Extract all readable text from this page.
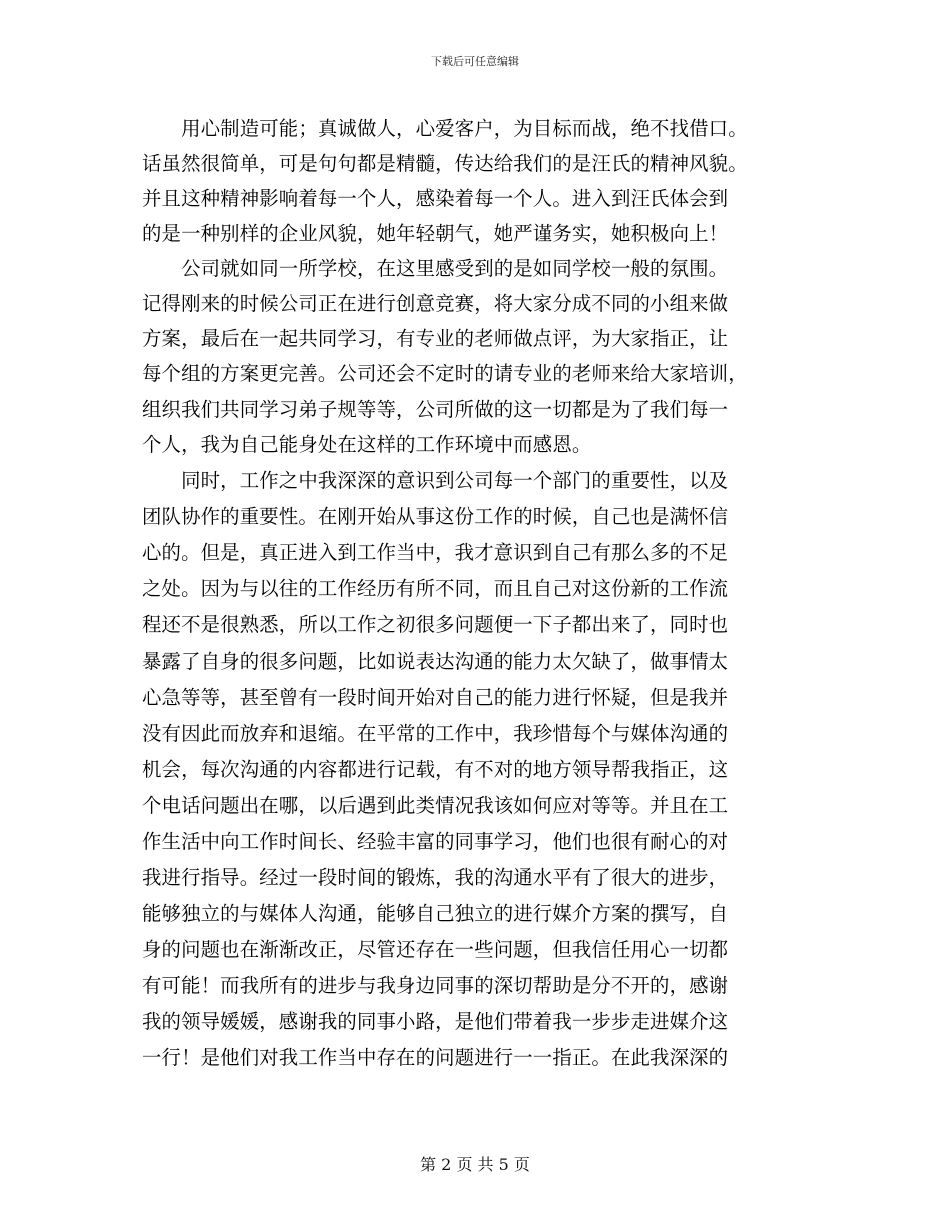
下载后可任意编辑
　　用心制造可能；真诚做人，心爱客户，为目标而战，绝不找借口。
话虽然很简单，可是句句都是精髓，传达给我们的是汪氏的精神风貌。
并且这种精神影响着每一个人，感染着每一个人。进入到汪氏体会到
的是一种别样的企业风貌，她年轻朝气，她严谨务实，她积极向上！
　　公司就如同一所学校，在这里感受到的是如同学校一般的氛围。
记得刚来的时候公司正在进行创意竞赛，将大家分成不同的小组来做
方案，最后在一起共同学习，有专业的老师做点评，为大家指正，让
每个组的方案更完善。公司还会不定时的请专业的老师来给大家培训，
组织我们共同学习弟子规等等，公司所做的这一切都是为了我们每一
个人，我为自己能身处在这样的工作环境中而感恩。
　　同时，工作之中我深深的意识到公司每一个部门的重要性，以及
团队协作的重要性。在刚开始从事这份工作的时候，自己也是满怀信
心的。但是，真正进入到工作当中，我才意识到自己有那么多的不足
之处。因为与以往的工作经历有所不同，而且自己对这份新的工作流
程还不是很熟悉，所以工作之初很多问题便一下子都出来了，同时也
暴露了自身的很多问题，比如说表达沟通的能力太欠缺了，做事情太
心急等等，甚至曾有一段时间开始对自己的能力进行怀疑，但是我并
没有因此而放弃和退缩。在平常的工作中，我珍惜每个与媒体沟通的
机会，每次沟通的内容都进行记载，有不对的地方领导帮我指正，这
个电话问题出在哪，以后遇到此类情况我该如何应对等等。并且在工
作生活中向工作时间长、经验丰富的同事学习，他们也很有耐心的对
我进行指导。经过一段时间的锻炼，我的沟通水平有了很大的进步，
能够独立的与媒体人沟通，能够自己独立的进行媒介方案的撰写，自
身的问题也在渐渐改正，尽管还存在一些问题，但我信任用心一切都
有可能！而我所有的进步与我身边同事的深切帮助是分不开的，感谢
我的领导媛媛，感谢我的同事小路，是他们带着我一步步走进媒介这
一行！是他们对我工作当中存在的问题进行一一指正。在此我深深的
第 2 页 共 5 页
